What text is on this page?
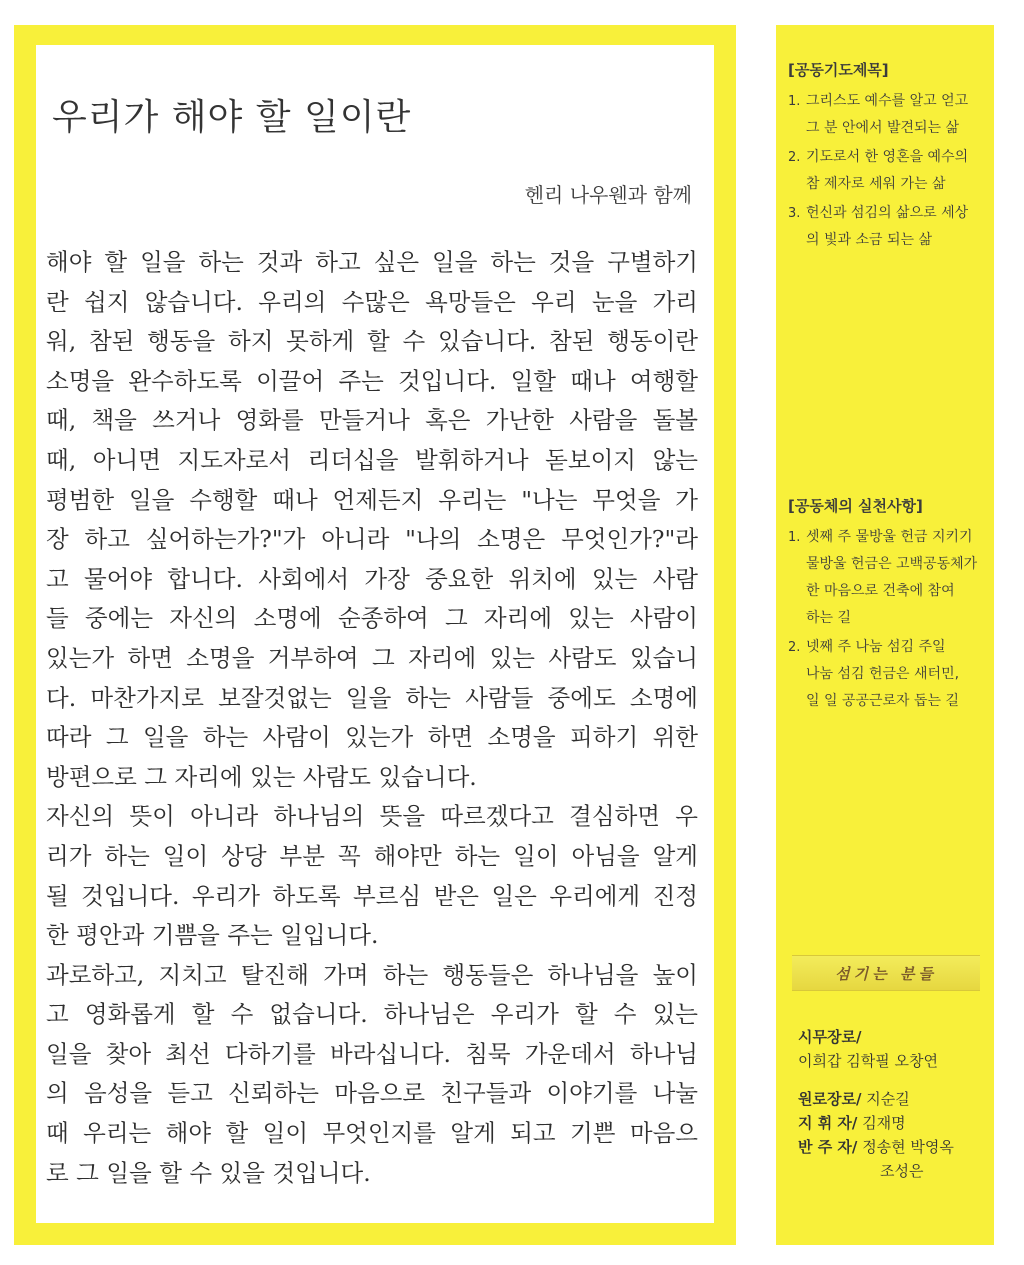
우리가 해야 할 일이란

헨리 나우웬과 함께

해야 할 일을 하는 것과 하고 싶은 일을 하는 것을 구별하기
란 쉽지 않습니다. 우리의 수많은 욕망들은 우리 눈을 가리
워, 참된 행동을 하지 못하게 할 수 있습니다. 참된 행동이란
소명을 완수하도록 이끌어 주는 것입니다. 일할 때나 여행할
때, 책을 쓰거나 영화를 만들거나 혹은 가난한 사람을 돌볼
때, 아니면 지도자로서 리더십을 발휘하거나 돋보이지 않는
평범한 일을 수행할 때나 언제든지 우리는 "나는 무엇을 가
장 하고 싶어하는가?"가 아니라 "나의 소명은 무엇인가?"라
고 물어야 합니다. 사회에서 가장 중요한 위치에 있는 사람
들 중에는 자신의 소명에 순종하여 그 자리에 있는 사람이
있는가 하면 소명을 거부하여 그 자리에 있는 사람도 있습니
다. 마찬가지로 보잘것없는 일을 하는 사람들 중에도 소명에
따라 그 일을 하는 사람이 있는가 하면 소명을 피하기 위한
방편으로 그 자리에 있는 사람도 있습니다.
자신의 뜻이 아니라 하나님의 뜻을 따르겠다고 결심하면 우
리가 하는 일이 상당 부분 꼭 해야만 하는 일이 아님을 알게
될 것입니다. 우리가 하도록 부르심 받은 일은 우리에게 진정
한 평안과 기쁨을 주는 일입니다.
과로하고, 지치고 탈진해 가며 하는 행동들은 하나님을 높이
고 영화롭게 할 수 없습니다. 하나님은 우리가 할 수 있는
일을 찾아 최선 다하기를 바라십니다. 침묵 가운데서 하나님
의 음성을 듣고 신뢰하는 마음으로 친구들과 이야기를 나눌
때 우리는 해야 할 일이 무엇인지를 알게 되고 기쁜 마음으
로 그 일을 할 수 있을 것입니다.
[공동기도제목]
1. 그리스도 예수를 알고 얻고
그 분 안에서 발견되는 삶
2. 기도로서 한 영혼을 예수의
참 제자로 세워 가는 삶
3. 헌신과 섬김의 삶으로 세상
의 빛과 소금 되는 삶
[공동체의 실천사항]
1. 셋째 주 물방울 헌금 지키기
물방울 헌금은 고백공동체가
한 마음으로 건축에 참여
하는 길
2. 넷째 주 나눔 섬김 주일
나눔 섬김 헌금은 새터민,
일 일 공공근로자 돕는 길
섬기는 분들
시무장로/
이희갑 김학필 오창연
원로장로/ 지순길
지 휘 자/ 김재명
반 주 자/ 정송현 박영옥
조성은
